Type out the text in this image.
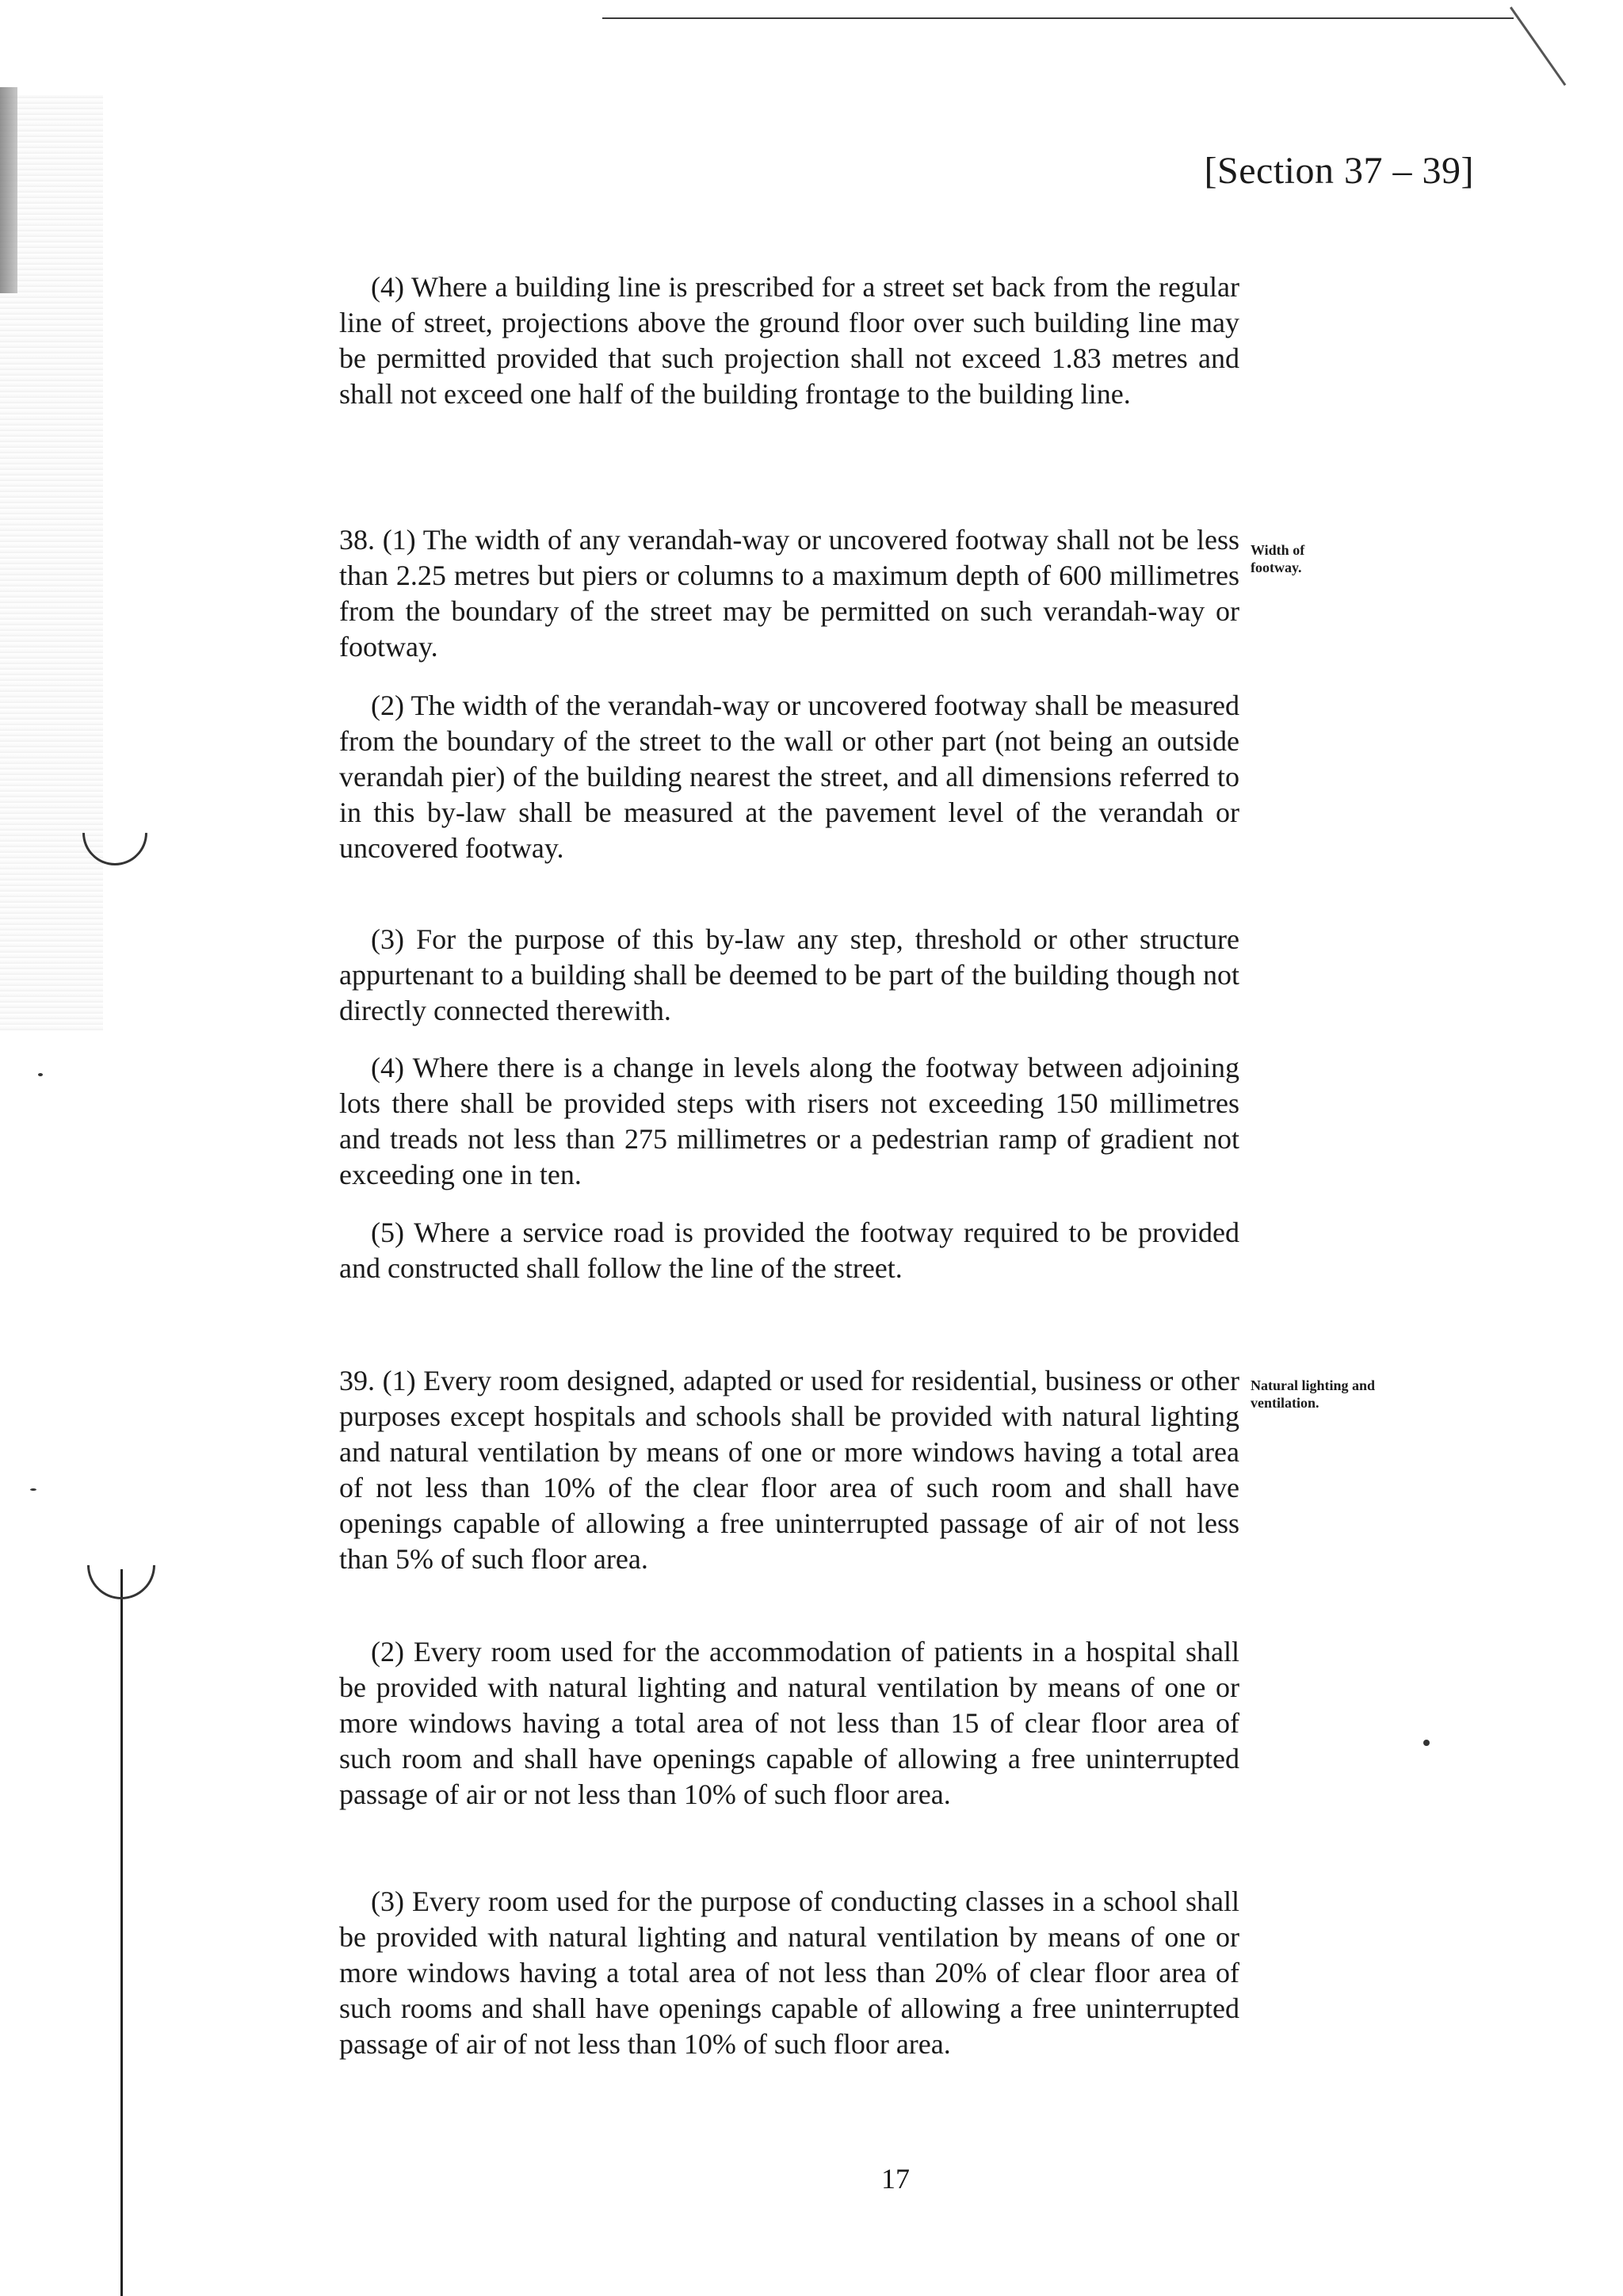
[Section 37 – 39]

(4) Where a building line is prescribed for a street set back from the regular line of street, projections above the ground floor over such building line may be permitted provided that such projection shall not exceed 1.83 metres and shall not exceed one half of the building frontage to the building line.

38. (1) The width of any verandah-way or uncovered footway shall not be less than 2.25 metres but piers or columns to a maximum depth of 600 millimetres from the boundary of the street may be permitted on such verandah-way or footway.

Width of footway.

(2) The width of the verandah-way or uncovered footway shall be measured from the boundary of the street to the wall or other part (not being an outside verandah pier) of the building nearest the street, and all dimensions referred to in this by-law shall be measured at the pavement level of the verandah or uncovered footway.

(3) For the purpose of this by-law any step, threshold or other structure appurtenant to a building shall be deemed to be part of the building though not directly connected therewith.

(4) Where there is a change in levels along the footway between adjoining lots there shall be provided steps with risers not exceeding 150 millimetres and treads not less than 275 millimetres or a pedestrian ramp of gradient not exceeding one in ten.

(5) Where a service road is provided the footway required to be provided and constructed shall follow the line of the street.

39. (1) Every room designed, adapted or used for residential, business or other purposes except hospitals and schools shall be provided with natural lighting and natural ventilation by means of one or more windows having a total area of not less than 10% of the clear floor area of such room and shall have openings capable of allowing a free uninterrupted passage of air of not less than 5% of such floor area.

Natural lighting and ventilation.

(2) Every room used for the accommodation of patients in a hospital shall be provided with natural lighting and natural ventilation by means of one or more windows having a total area of not less than 15 of clear floor area of such room and shall have openings capable of allowing a free uninterrupted passage of air or not less than 10% of such floor area.

(3) Every room used for the purpose of conducting classes in a school shall be provided with natural lighting and natural ventilation by means of one or more windows having a total area of not less than 20% of clear floor area of such rooms and shall have openings capable of allowing a free uninterrupted passage of air of not less than 10% of such floor area.

17
